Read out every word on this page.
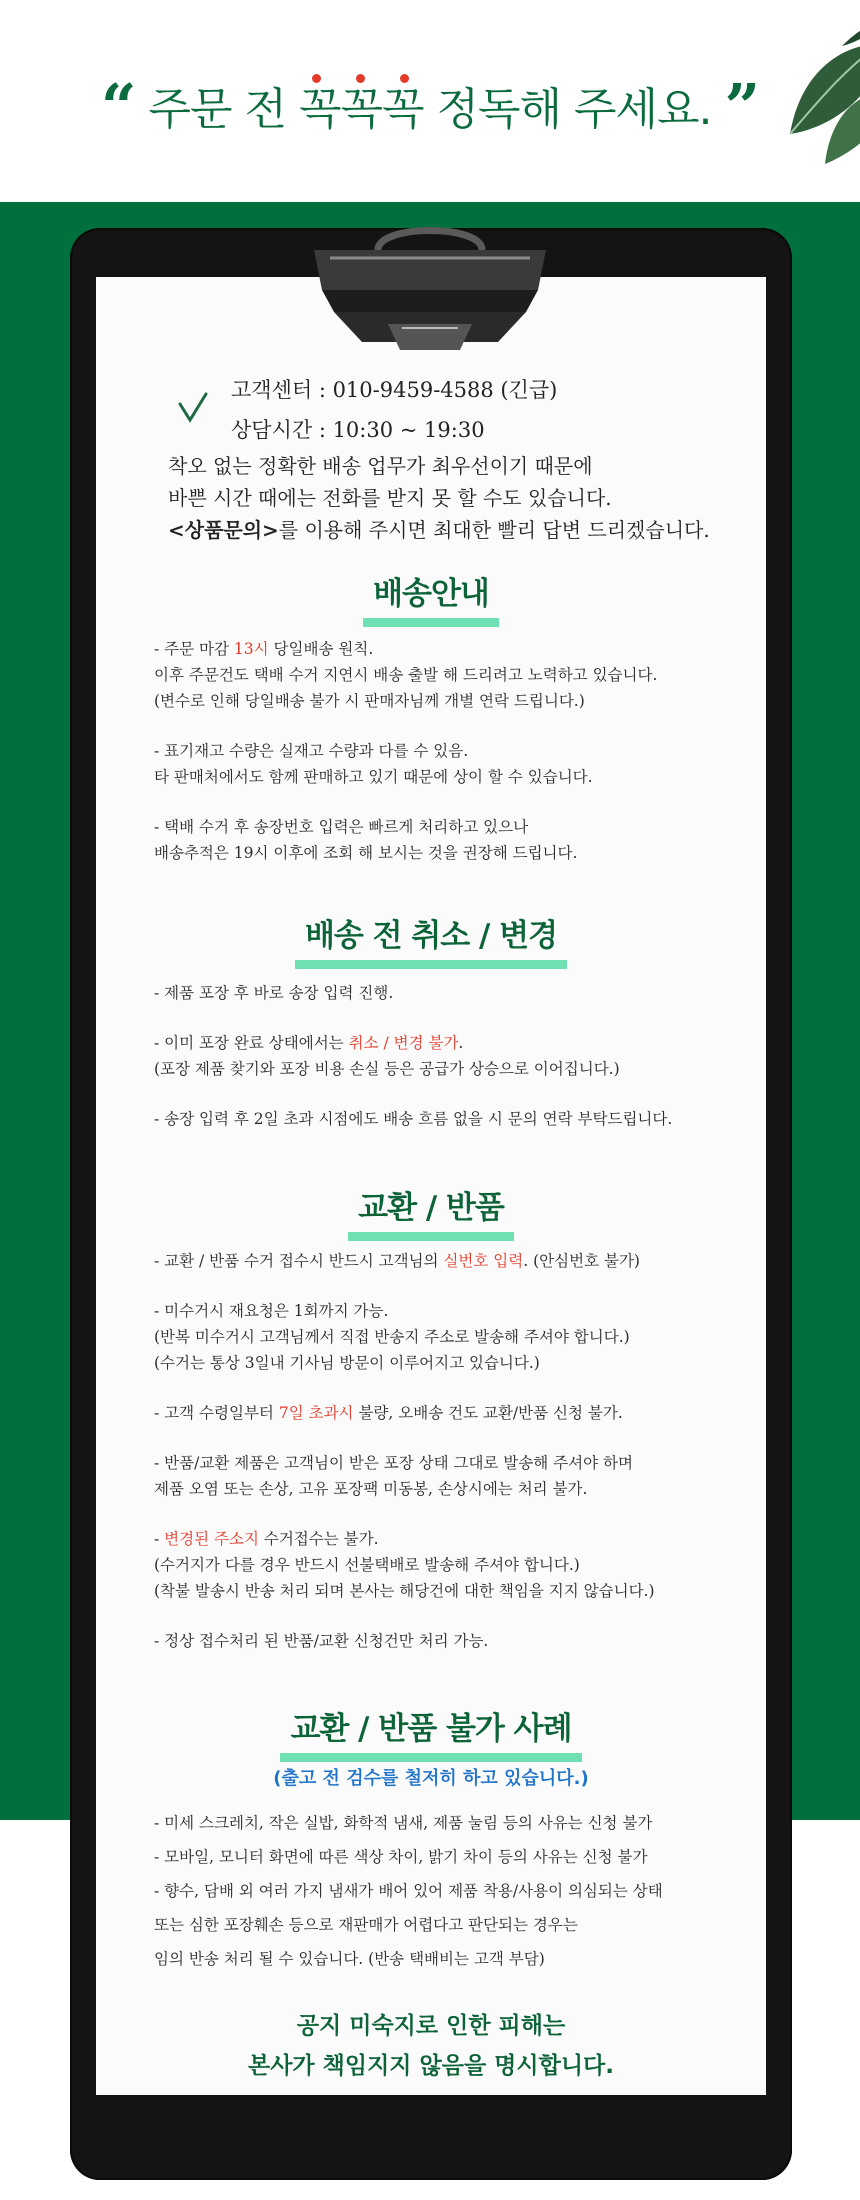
“ 주문 전 꼭꼭꼭 정독해 주세요. ”
고객센터 : 010-9459-4588 (긴급)
상담시간 : 10:30 ~ 19:30
착오 없는 정확한 배송 업무가 최우선이기 때문에
바쁜 시간 때에는 전화를 받지 못 할 수도 있습니다.
<상품문의>를 이용해 주시면 최대한 빨리 답변 드리겠습니다.
배송안내
- 주문 마감 13시 당일배송 원칙.
이후 주문건도 택배 수거 지연시 배송 출발 해 드리려고 노력하고 있습니다.
(변수로 인해 당일배송 불가 시 판매자님께 개별 연락 드립니다.)
- 표기재고 수량은 실재고 수량과 다를 수 있음.
타 판매처에서도 함께 판매하고 있기 때문에 상이 할 수 있습니다.
- 택배 수거 후 송장번호 입력은 빠르게 처리하고 있으나
배송추적은 19시 이후에 조회 해 보시는 것을 권장해 드립니다.
배송 전 취소 / 변경
- 제품 포장 후 바로 송장 입력 진행.
- 이미 포장 완료 상태에서는 취소 / 변경 불가.
(포장 제품 찾기와 포장 비용 손실 등은 공급가 상승으로 이어집니다.)
- 송장 입력 후 2일 초과 시점에도 배송 흐름 없을 시 문의 연락 부탁드립니다.
교환 / 반품
- 교환 / 반품 수거 접수시 반드시 고객님의 실번호 입력. (안심번호 불가)
- 미수거시 재요청은 1회까지 가능.
(반복 미수거시 고객님께서 직접 반송지 주소로 발송해 주셔야 합니다.)
(수거는 통상 3일내 기사님 방문이 이루어지고 있습니다.)
- 고객 수령일부터 7일 초과시 불량, 오배송 건도 교환/반품 신청 불가.
- 반품/교환 제품은 고객님이 받은 포장 상태 그대로 발송해 주셔야 하며
제품 오염 또는 손상, 고유 포장팩 미동봉, 손상시에는 처리 불가.
- 변경된 주소지 수거접수는 불가.
(수거지가 다를 경우 반드시 선불택배로 발송해 주셔야 합니다.)
(착불 발송시 반송 처리 되며 본사는 해당건에 대한 책임을 지지 않습니다.)
- 정상 접수처리 된 반품/교환 신청건만 처리 가능.
교환 / 반품 불가 사례
(출고 전 검수를 철저히 하고 있습니다.)
- 미세 스크레치, 작은 실밥, 화학적 냄새, 제품 눌림 등의 사유는 신청 불가
- 모바일, 모니터 화면에 따른 색상 차이, 밝기 차이 등의 사유는 신청 불가
- 향수, 담배 외 여러 가지 냄새가 배어 있어 제품 착용/사용이 의심되는 상태
또는 심한 포장훼손 등으로 재판매가 어렵다고 판단되는 경우는
임의 반송 처리 될 수 있습니다. (반송 택배비는 고객 부담)
공지 미숙지로 인한 피해는
본사가 책임지지 않음을 명시합니다.
